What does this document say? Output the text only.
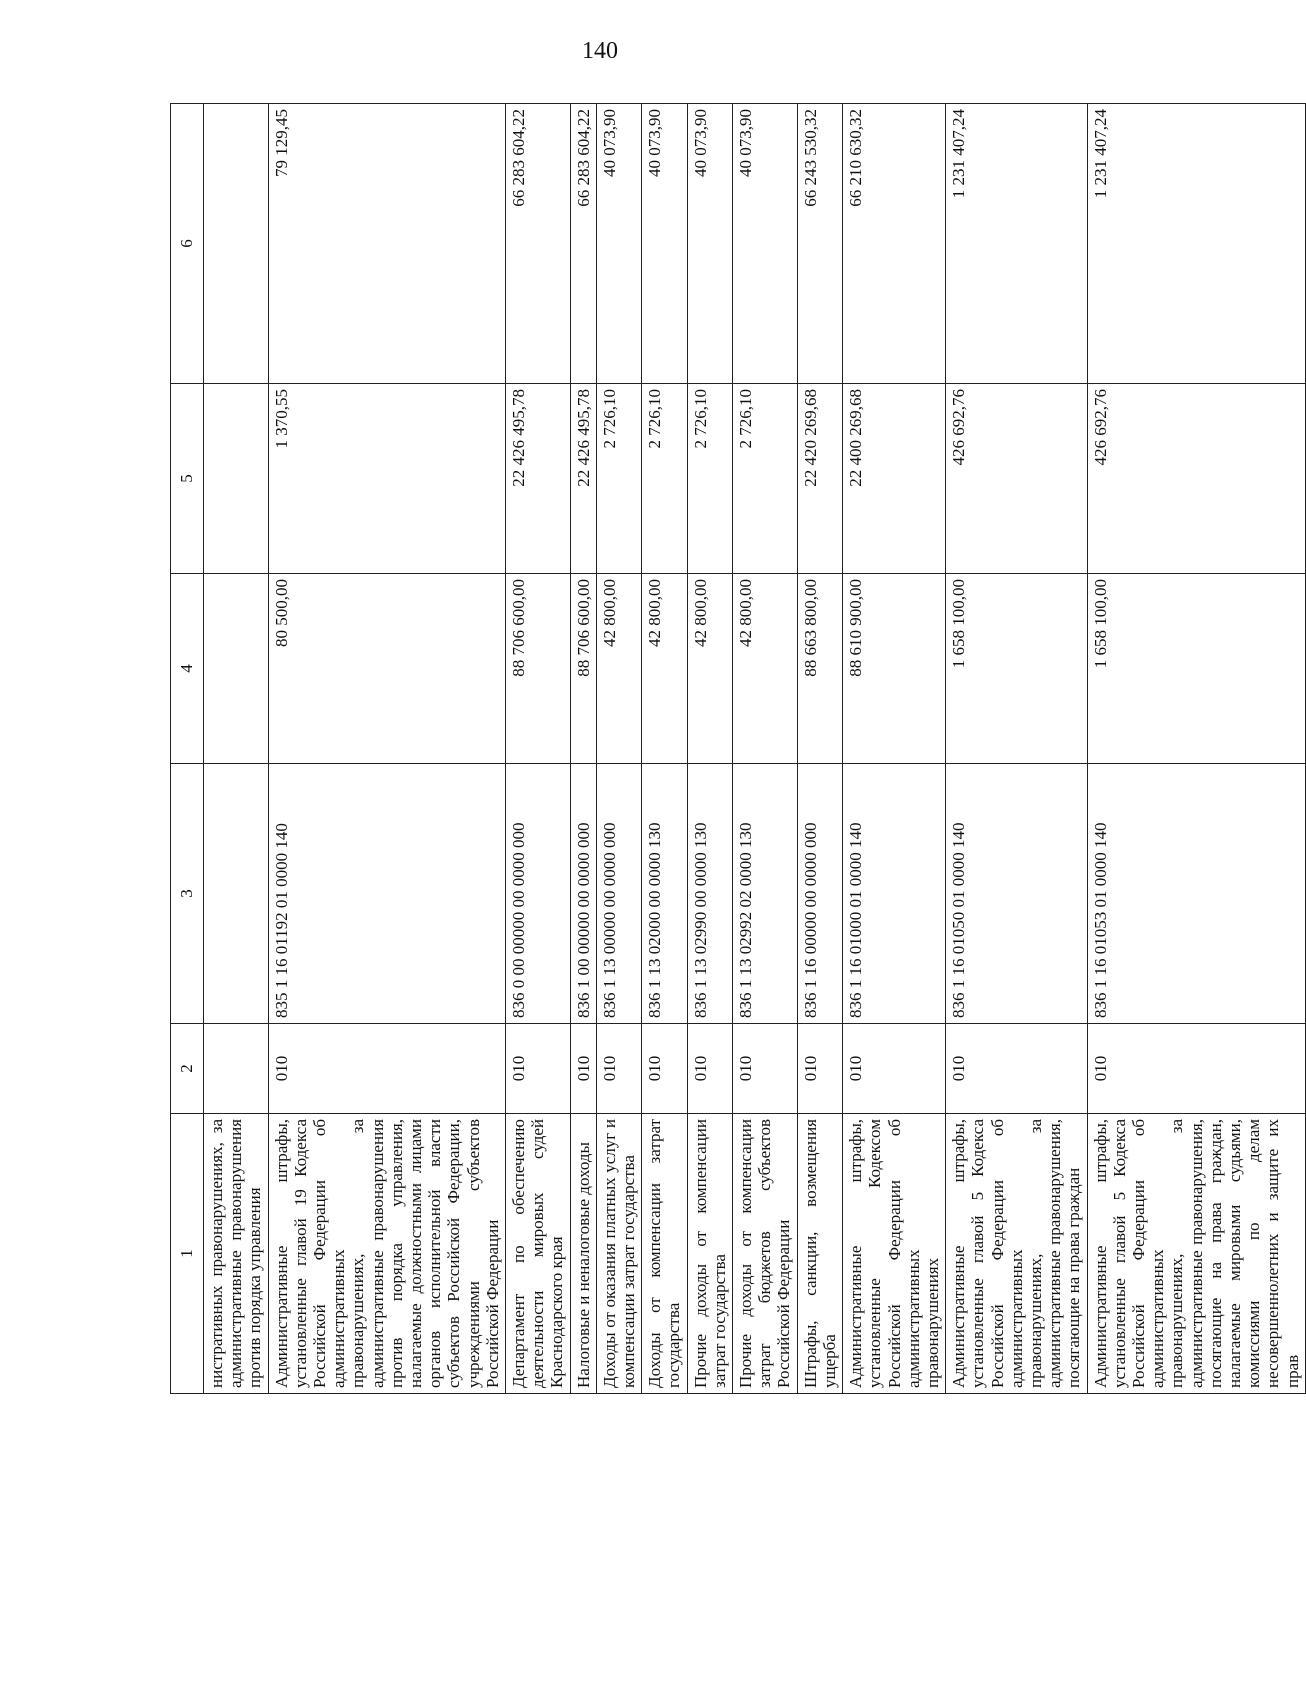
140
1	2	3	4	5	6
нистративных правонарушениях, за административные правонарушения против порядка управления					
Административные штрафы, установленные главой 19 Кодекса Российской Федерации об административных правонарушениях, за административные правонарушения против порядка управления, налагаемые должностными лицами органов исполнительной власти субъектов Российской Федерации, учреждениями субъектов Российской Федерации	010	835 1 16 01192 01 0000 140	80 500,00	1 370,55	79 129,45
Департамент по обеспечению деятельности мировых судей Краснодарского края	010	836 0 00 00000 00 0000 000	88 706 600,00	22 426 495,78	66 283 604,22
Налоговые и неналоговые доходы	010	836 1 00 00000 00 0000 000	88 706 600,00	22 426 495,78	66 283 604,22
Доходы от оказания платных услуг и компенсации затрат государства	010	836 1 13 00000 00 0000 000	42 800,00	2 726,10	40 073,90
Доходы от компенсации затрат государства	010	836 1 13 02000 00 0000 130	42 800,00	2 726,10	40 073,90
Прочие доходы от компенсации затрат государства	010	836 1 13 02990 00 0000 130	42 800,00	2 726,10	40 073,90
Прочие доходы от компенсации затрат бюджетов субъектов Российской Федерации	010	836 1 13 02992 02 0000 130	42 800,00	2 726,10	40 073,90
Штрафы, санкции, возмещения ущерба	010	836 1 16 00000 00 0000 000	88 663 800,00	22 420 269,68	66 243 530,32
Административные штрафы, установленные Кодексом Российской Федерации об административных правонарушениях	010	836 1 16 01000 01 0000 140	88 610 900,00	22 400 269,68	66 210 630,32
Административные штрафы, установленные главой 5 Кодекса Российской Федерации об административных правонарушениях, за административные правонарушения, посягающие на права граждан	010	836 1 16 01050 01 0000 140	1 658 100,00	426 692,76	1 231 407,24
Административные штрафы, установленные главой 5 Кодекса Российской Федерации об административных правонарушениях, за административные правонарушения, посягающие на права граждан, налагаемые мировыми судьями, комиссиями по делам несовершеннолетних и защите их прав	010	836 1 16 01053 01 0000 140	1 658 100,00	426 692,76	1 231 407,24
